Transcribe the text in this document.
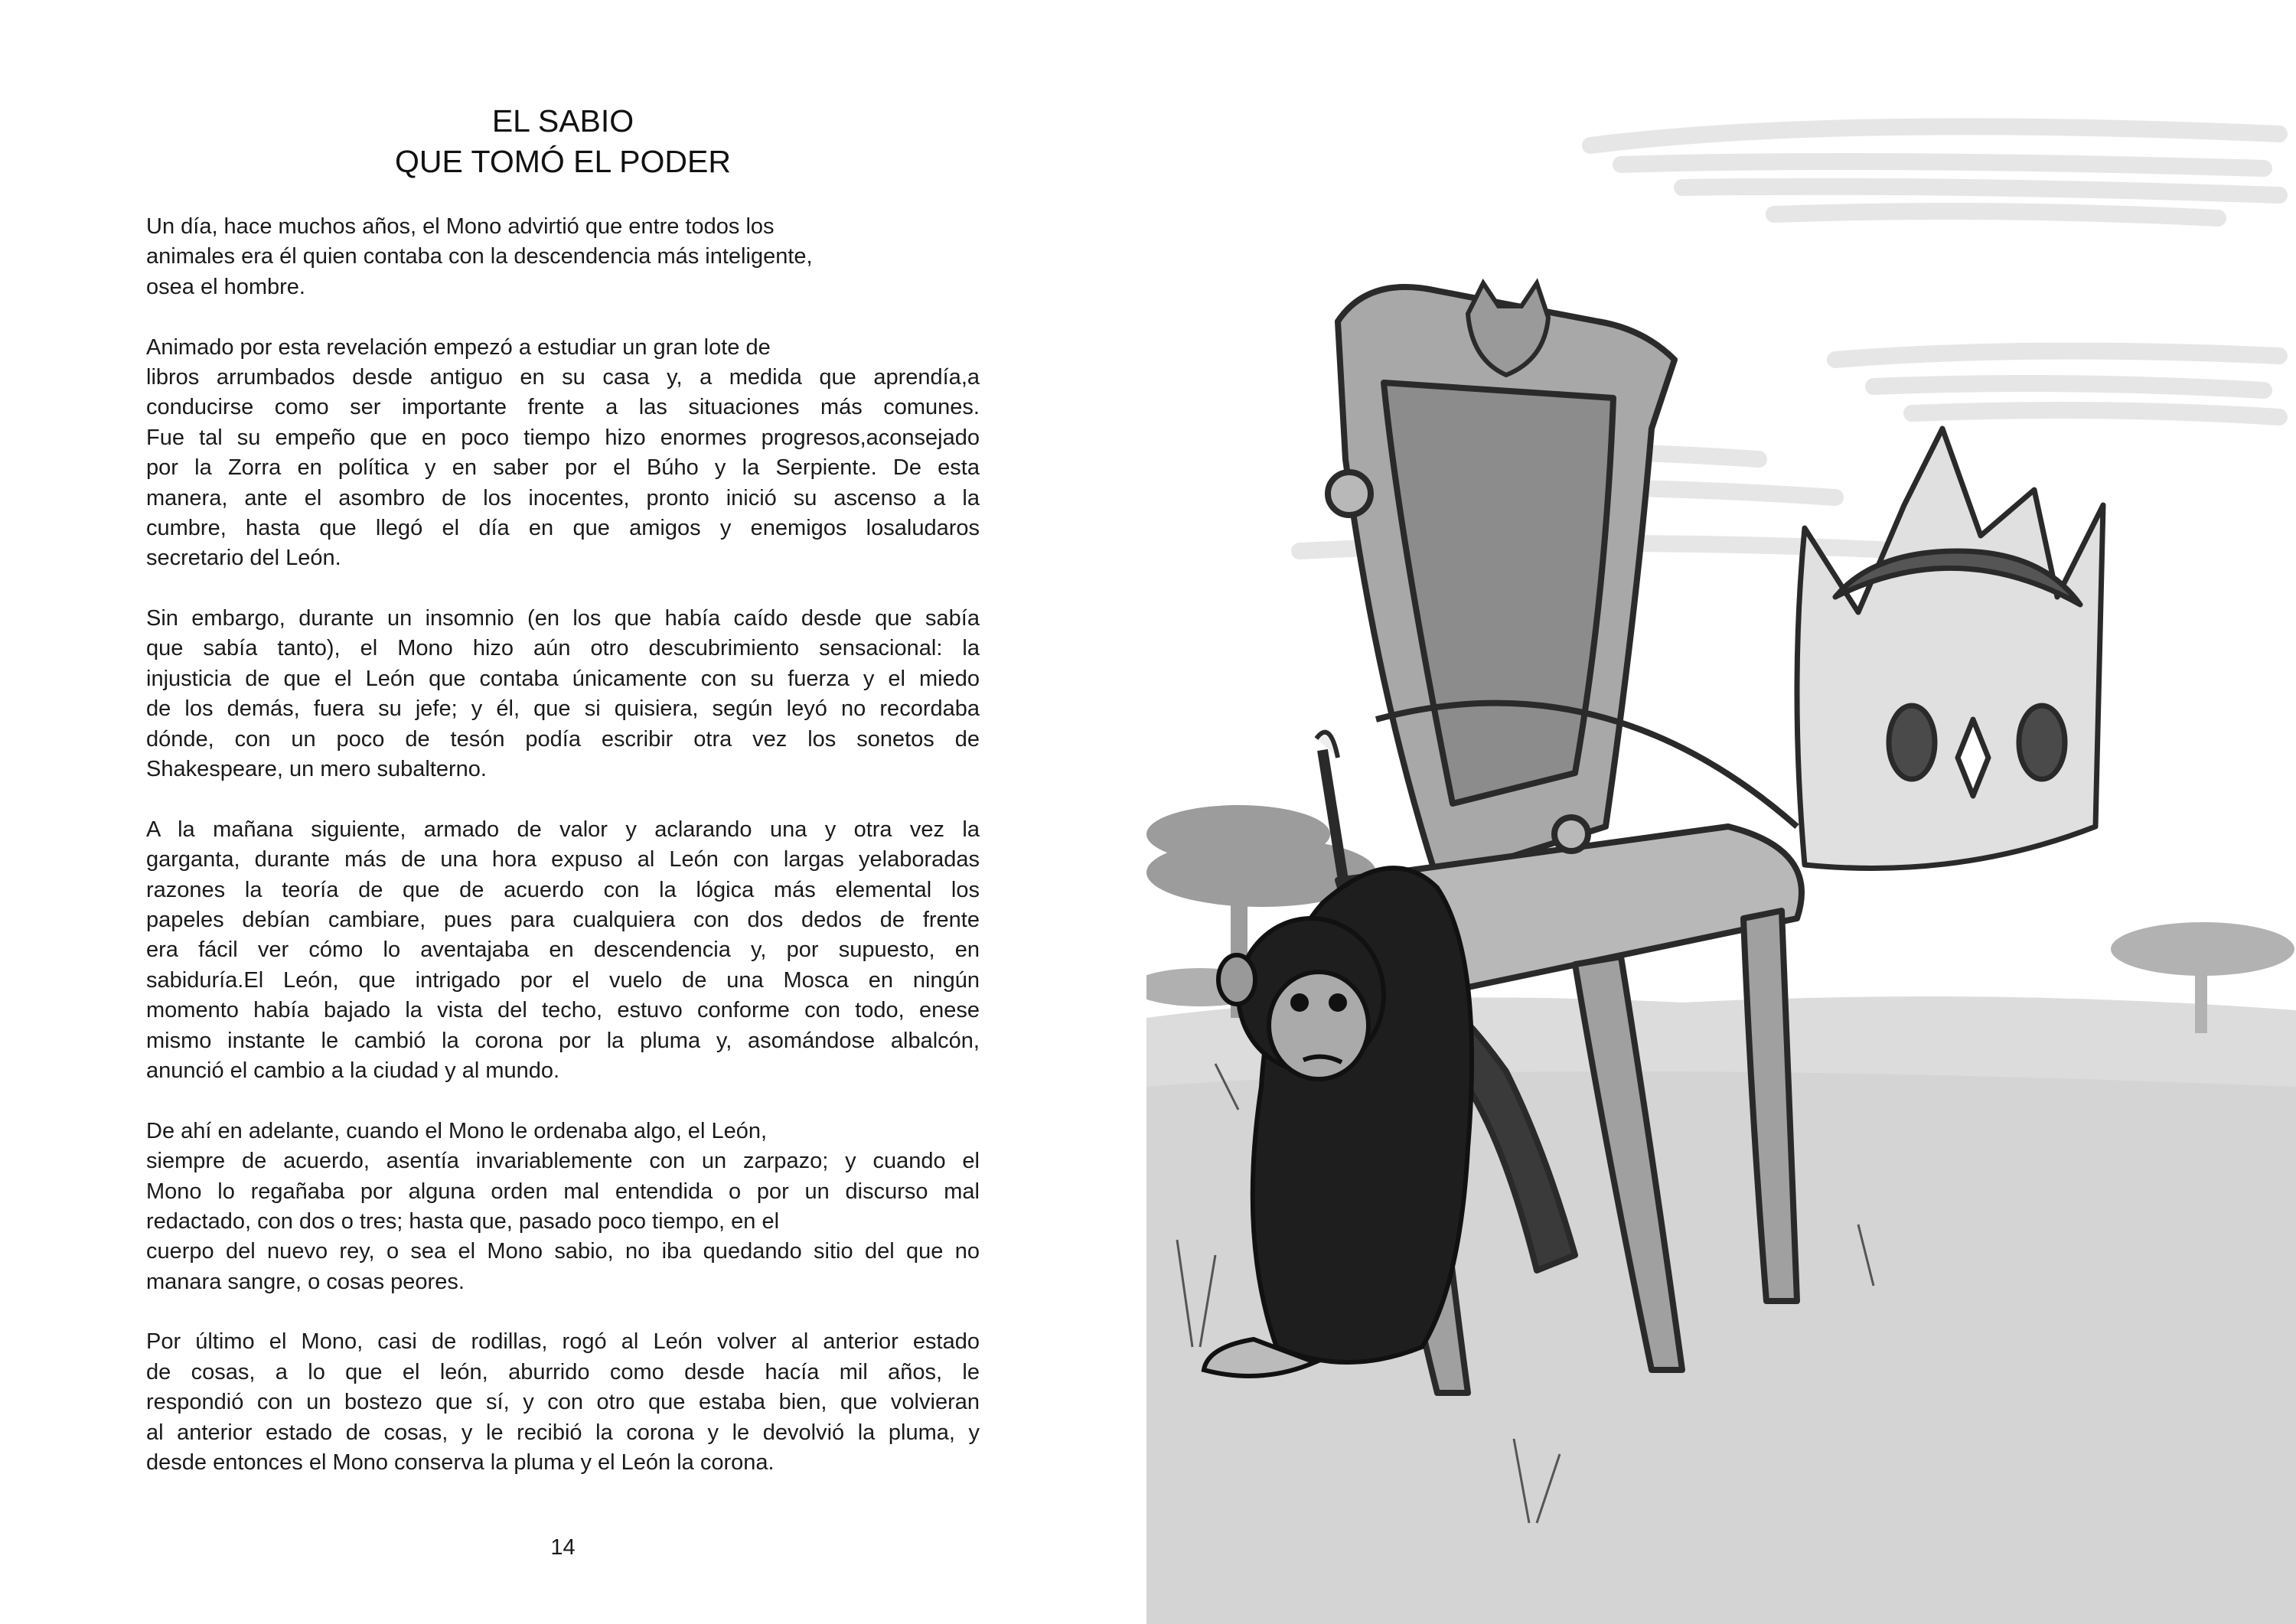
EL SABIO
QUE TOMÓ EL PODER
Un día, hace muchos años, el Mono advirtió que entre todos los
animales era él quien contaba con la descendencia más inteligente,
osea el hombre.
Animado por esta revelación empezó a estudiar un gran lote de
libros arrumbados desde antiguo en su casa y, a medida que aprendía,a
conducirse como ser importante frente a las situaciones más comunes.
Fue tal su empeño que en poco tiempo hizo enormes progresos,aconsejado
por la Zorra en política y en saber por el Búho y la Serpiente. De esta
manera, ante el asombro de los inocentes, pronto inició su ascenso a la
cumbre, hasta que llegó el día en que amigos y enemigos losaludaros
secretario del León.
Sin embargo, durante un insomnio (en los que había caído desde que sabía
que sabía tanto), el Mono hizo aún otro descubrimiento sensacional: la
injusticia de que el León que contaba únicamente con su fuerza y el miedo
de los demás, fuera su jefe; y él, que si quisiera, según leyó no recordaba
dónde, con un poco de tesón podía escribir otra vez los sonetos de
Shakespeare, un mero subalterno.
A la mañana siguiente, armado de valor y aclarando una y otra vez la
garganta, durante más de una hora expuso al León con largas yelaboradas
razones la teoría de que de acuerdo con la lógica más elemental los
papeles debían cambiare, pues para cualquiera con dos dedos de frente
era fácil ver cómo lo aventajaba en descendencia y, por supuesto, en
sabiduría.El León, que intrigado por el vuelo de una Mosca en ningún
momento había bajado la vista del techo, estuvo conforme con todo, enese
mismo instante le cambió la corona por la pluma y, asomándose albalcón,
anunció el cambio a la ciudad y al mundo.
De ahí en adelante, cuando el Mono le ordenaba algo, el León,
siempre de acuerdo, asentía invariablemente con un zarpazo; y cuando el
Mono lo regañaba por alguna orden mal entendida o por un discurso mal
redactado, con dos o tres; hasta que, pasado poco tiempo, en el
cuerpo del nuevo rey, o sea el Mono sabio, no iba quedando sitio del que no
manara sangre, o cosas peores.
Por último el Mono, casi de rodillas, rogó al León volver al anterior estado
de cosas, a lo que el león, aburrido como desde hacía mil años, le
respondió con un bostezo que sí, y con otro que estaba bien, que volvieran
al anterior estado de cosas, y le recibió la corona y le devolvió la pluma, y
desde entonces el Mono conserva la pluma y el León la corona.
14
